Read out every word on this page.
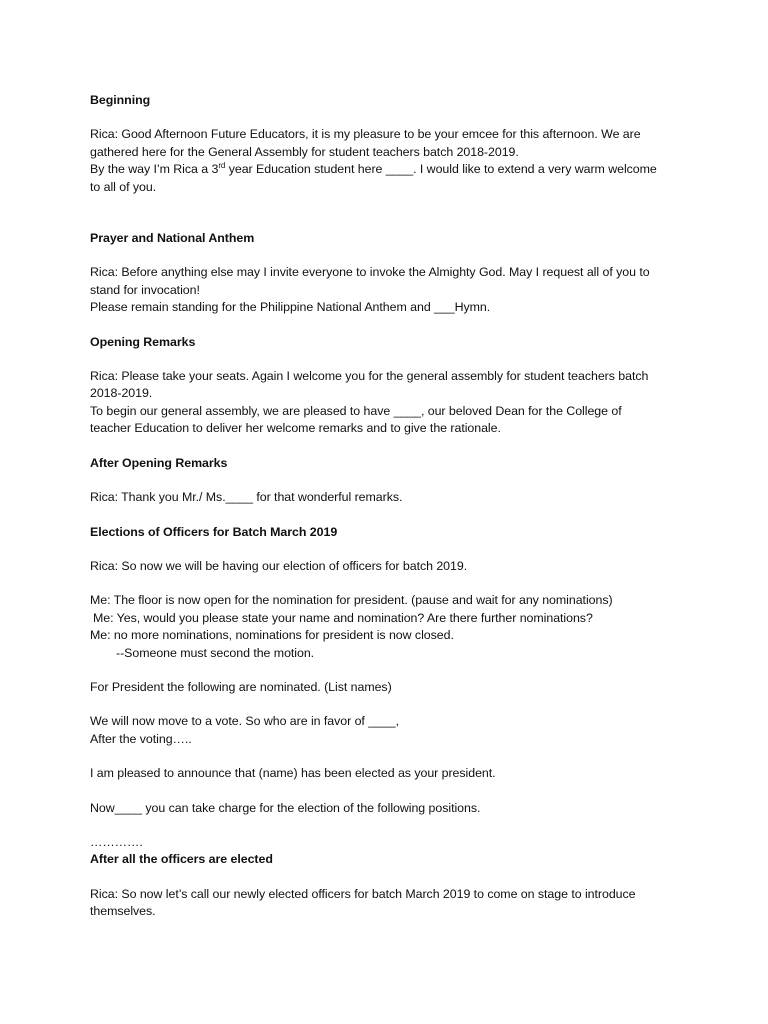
Beginning

Rica: Good Afternoon Future Educators, it is my pleasure to be your emcee for this afternoon. We are
gathered here for the General Assembly for student teachers batch 2018-2019.
By the way I’m Rica a 3rd year Education student here ____. I would like to extend a very warm welcome
to all of you.

Prayer and National Anthem

Rica: Before anything else may I invite everyone to invoke the Almighty God. May I request all of you to
stand for invocation!
Please remain standing for the Philippine National Anthem and ___Hymn.

Opening Remarks

Rica: Please take your seats. Again I welcome you for the general assembly for student teachers batch
2018-2019.
To begin our general assembly, we are pleased to have ____, our beloved Dean for the College of
teacher Education to deliver her welcome remarks and to give the rationale.

After Opening Remarks

Rica: Thank you Mr./ Ms.____ for that wonderful remarks.

Elections of Officers for Batch March 2019

Rica: So now we will be having our election of officers for batch 2019.

Me: The floor is now open for the nomination for president. (pause and wait for any nominations)
Me: Yes, would you please state your name and nomination? Are there further nominations?
Me: no more nominations, nominations for president is now closed.
--Someone must second the motion.

For President the following are nominated. (List names)

We will now move to a vote. So who are in favor of ____,
After the voting…..

I am pleased to announce that (name) has been elected as your president.

Now____ you can take charge for the election of the following positions.

………….

After all the officers are elected

Rica: So now let’s call our newly elected officers for batch March 2019 to come on stage to introduce
themselves.
